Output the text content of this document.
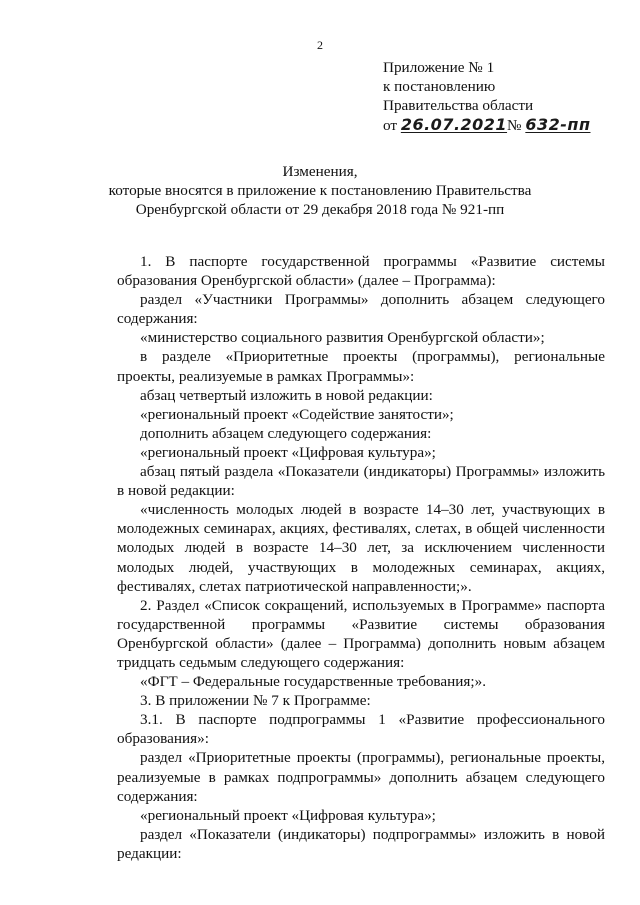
2
Приложение № 1
к постановлению
Правительства области
от 26.07.2021№ 632-пп
Изменения,
которые вносятся в приложение к постановлению Правительства
Оренбургской области от 29 декабря 2018 года № 921-пп

1. В паспорте государственной программы «Развитие системы образования Оренбургской области» (далее – Программа):

раздел «Участники Программы» дополнить абзацем следующего содержания:

«министерство социального развития Оренбургской области»;

в разделе «Приоритетные проекты (программы), региональные проекты, реализуемые в рамках Программы»:

абзац четвертый изложить в новой редакции:

«региональный проект «Содействие занятости»;

дополнить абзацем следующего содержания:

«региональный проект «Цифровая культура»;

абзац пятый раздела «Показатели (индикаторы) Программы» изложить в новой редакции:

«численность молодых людей в возрасте 14–30 лет, участвующих в молодежных семинарах, акциях, фестивалях, слетах, в общей численности молодых людей в возрасте 14–30 лет, за исключением численности молодых людей, участвующих в молодежных семинарах, акциях, фестивалях, слетах патриотической направленности;».

2. Раздел «Список сокращений, используемых в Программе» паспорта государственной программы «Развитие системы образования Оренбургской области» (далее – Программа) дополнить новым абзацем тридцать седьмым следующего содержания:

«ФГТ – Федеральные государственные требования;».

3. В приложении № 7 к Программе:

3.1. В паспорте подпрограммы 1 «Развитие профессионального образования»:

раздел «Приоритетные проекты (программы), региональные проекты, реализуемые в рамках подпрограммы» дополнить абзацем следующего содержания:

«региональный проект «Цифровая культура»;

раздел «Показатели (индикаторы) подпрограммы» изложить в новой редакции:
